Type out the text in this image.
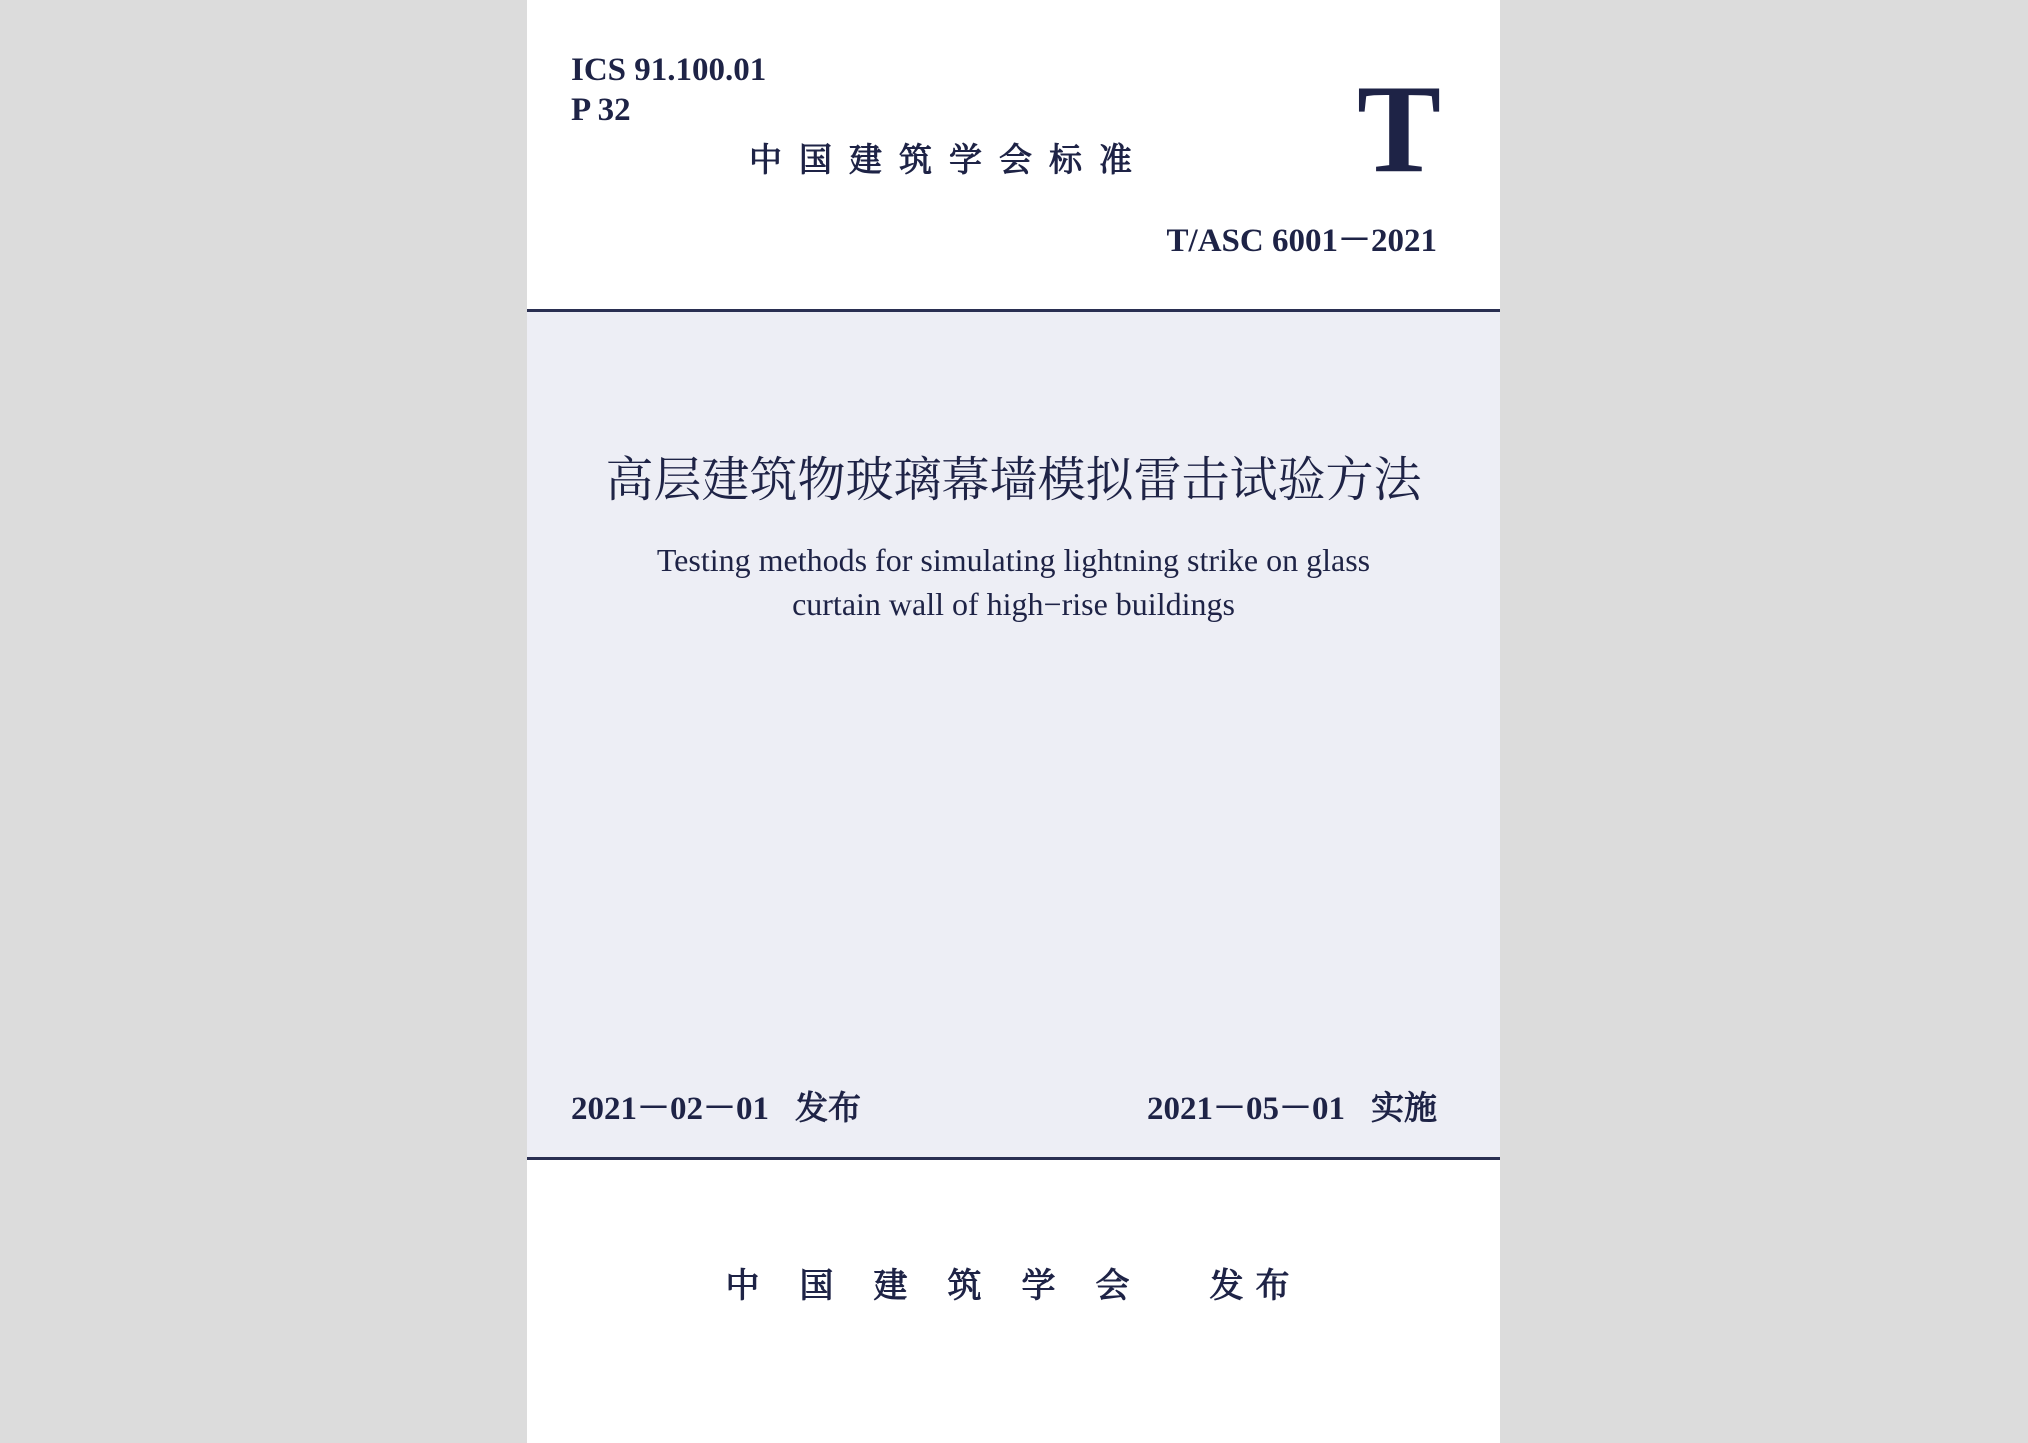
ICS 91.100.01
P 32
中国建筑学会标准 T
T/ASC 6001－2021
高层建筑物玻璃幕墙模拟雷击试验方法
Testing methods for simulating lightning strike on glass
curtain wall of high−rise buildings
2021－02－01 发布	2021－05－01 实施
中国建筑学会 发布
